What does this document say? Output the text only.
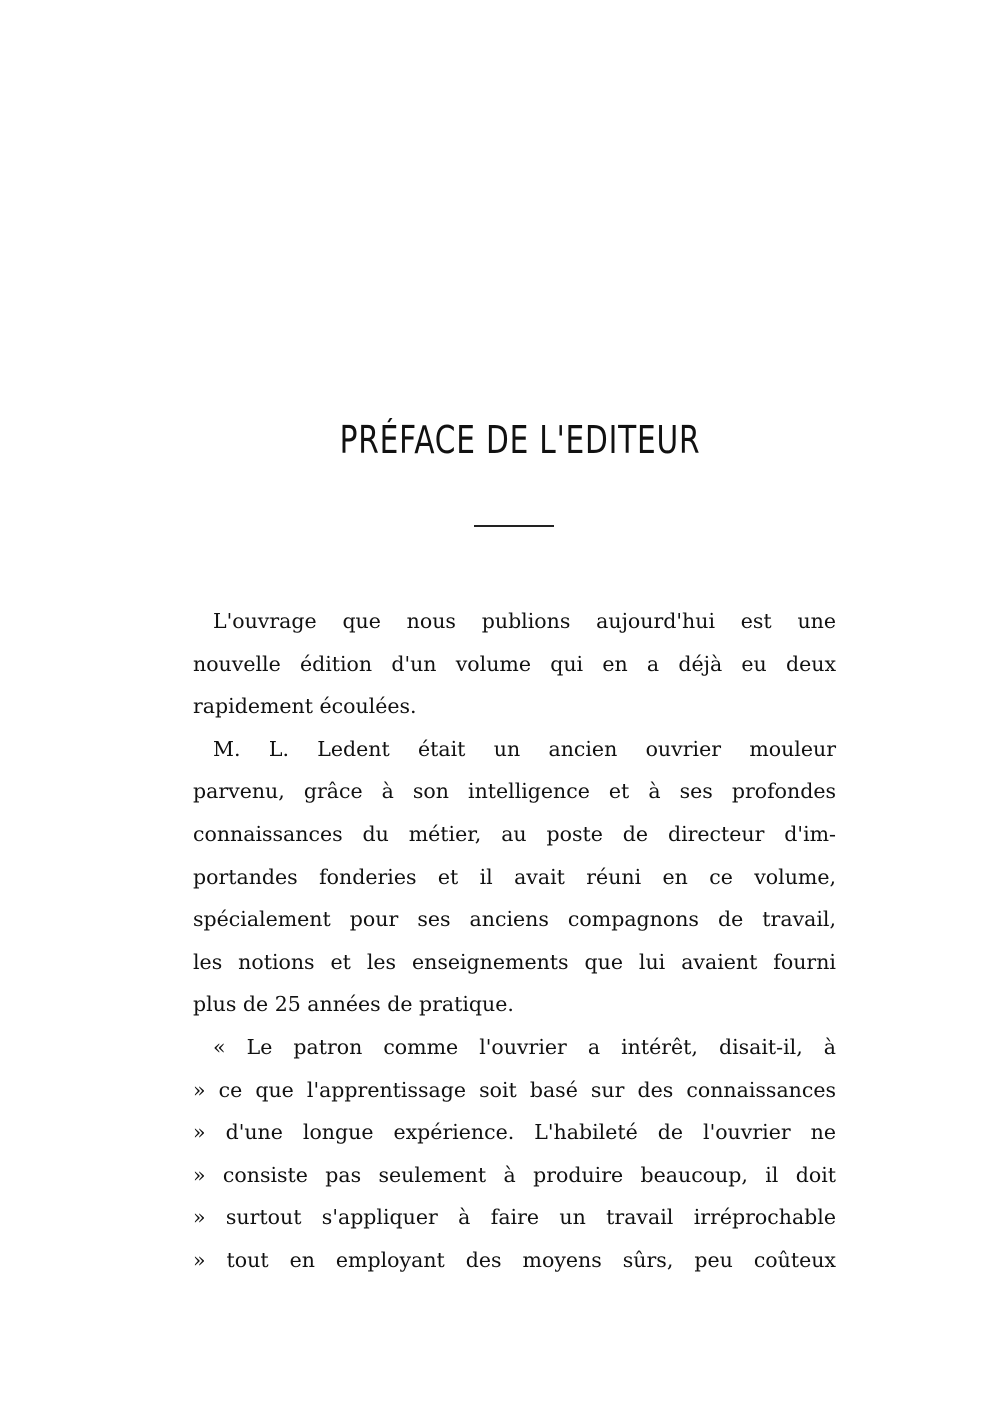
PRÉFACE DE L'EDITEUR
L'ouvrage que nous publions aujourd'hui est une
nouvelle édition d'un volume qui en a déjà eu deux
rapidement écoulées.
M. L. Ledent était un ancien ouvrier mouleur
parvenu, grâce à son intelligence et à ses profondes
connaissances du métier, au poste de directeur d'im-
portandes fonderies et il avait réuni en ce volume,
spécialement pour ses anciens compagnons de travail,
les notions et les enseignements que lui avaient fourni
plus de 25 années de pratique.
« Le patron comme l'ouvrier a intérêt, disait-il, à
» ce que l'apprentissage soit basé sur des connaissances
» d'une longue expérience. L'habileté de l'ouvrier ne
» consiste pas seulement à produire beaucoup, il doit
» surtout s'appliquer à faire un travail irréprochable
» tout en employant des moyens sûrs, peu coûteux
